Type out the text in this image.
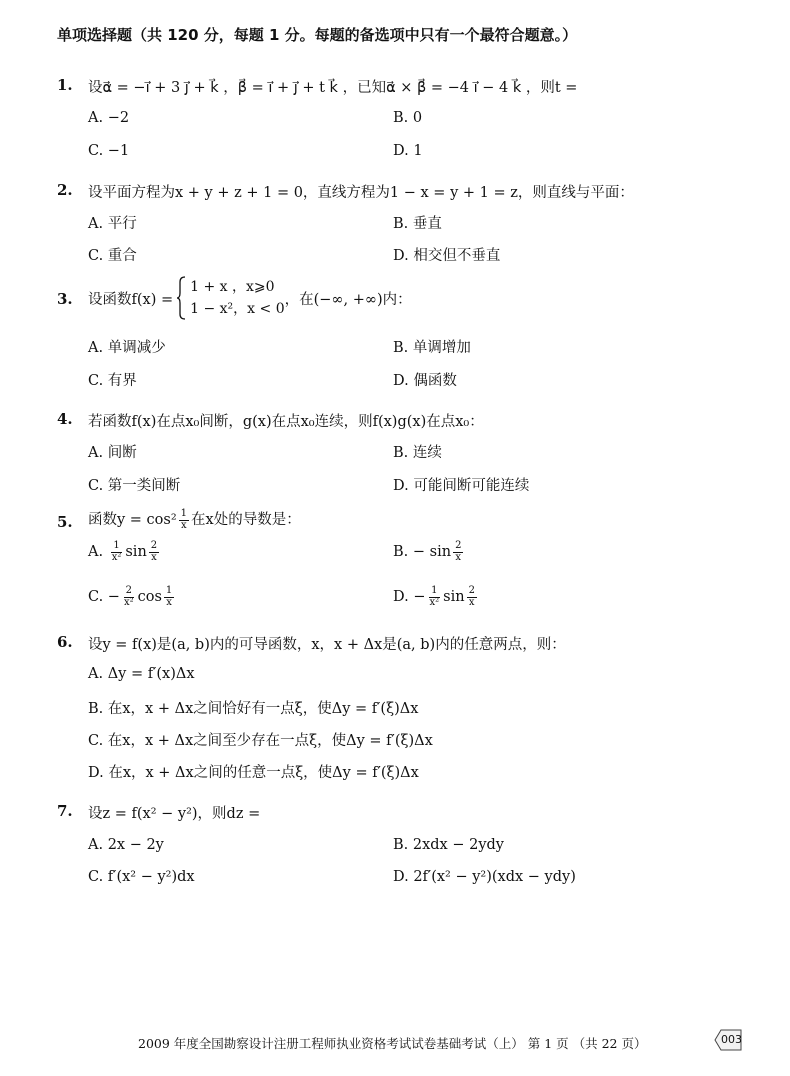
单项选择题（共 120 分，每题 1 分。每题的备选项中只有一个最符合题意。）
1. 设α⃗ = −i⃗ + 3 j⃗ + k⃗ ，β⃗ = i⃗ + j⃗ + t k⃗ ，已知α⃗ × β⃗ = −4 i⃗ − 4 k⃗ ，则t =
A. −2	B. 0
C. −1	D. 1
2. 设平面方程为x + y + z + 1 = 0，直线方程为1 − x = y + 1 = z，则直线与平面：
A. 平行	B. 垂直
C. 重合	D. 相交但不垂直
3. 设函数f(x) =
1 + x ，x⩾0
1 − x²，x < 0
，在(−∞, +∞)内：
A. 单调减少	B. 单调增加
C. 有界	D. 偶函数
4. 若函数f(x)在点x₀间断，g(x)在点x₀连续，则f(x)g(x)在点x₀：
A. 间断	B. 连续
C. 第一类间断	D. 可能间断可能连续
5. 函数$y = \cos^2 \frac{1}{x}$ 在x处的导数是：
A. $\frac{1}{\text{x²}}$ $\sin \frac{2}{x}$	B. − $\sin \frac{2}{x}$
C. − $\frac{2}{\text{x²}}$ $\cos \frac{1}{x}$	D. − $\frac{1}{\text{x²}}$ $\sin \frac{2}{x}$
6. 设y = f(x)是(a, b)内的可导函数，x，x + Δx是(a, b)内的任意两点，则：
A. Δy = f′(x)Δx
B. 在x，x + Δx之间恰好有一点ξ，使Δy = f′(ξ)Δx
C. 在x，x + Δx之间至少存在一点ξ，使Δy = f′(ξ)Δx
D. 在x，x + Δx之间的任意一点ξ，使Δy = f′(ξ)Δx
7. 设z = f(x² − y²)，则dz =
A. 2x − 2y	B. 2xdx − 2ydy
C. f′(x² − y²)dx	D. 2f′(x² − y²)(xdx − ydy)
2009 年度全国勘察设计注册工程师执业资格考试试卷基础考试（上） 第 1 页 （共 22 页）	003
